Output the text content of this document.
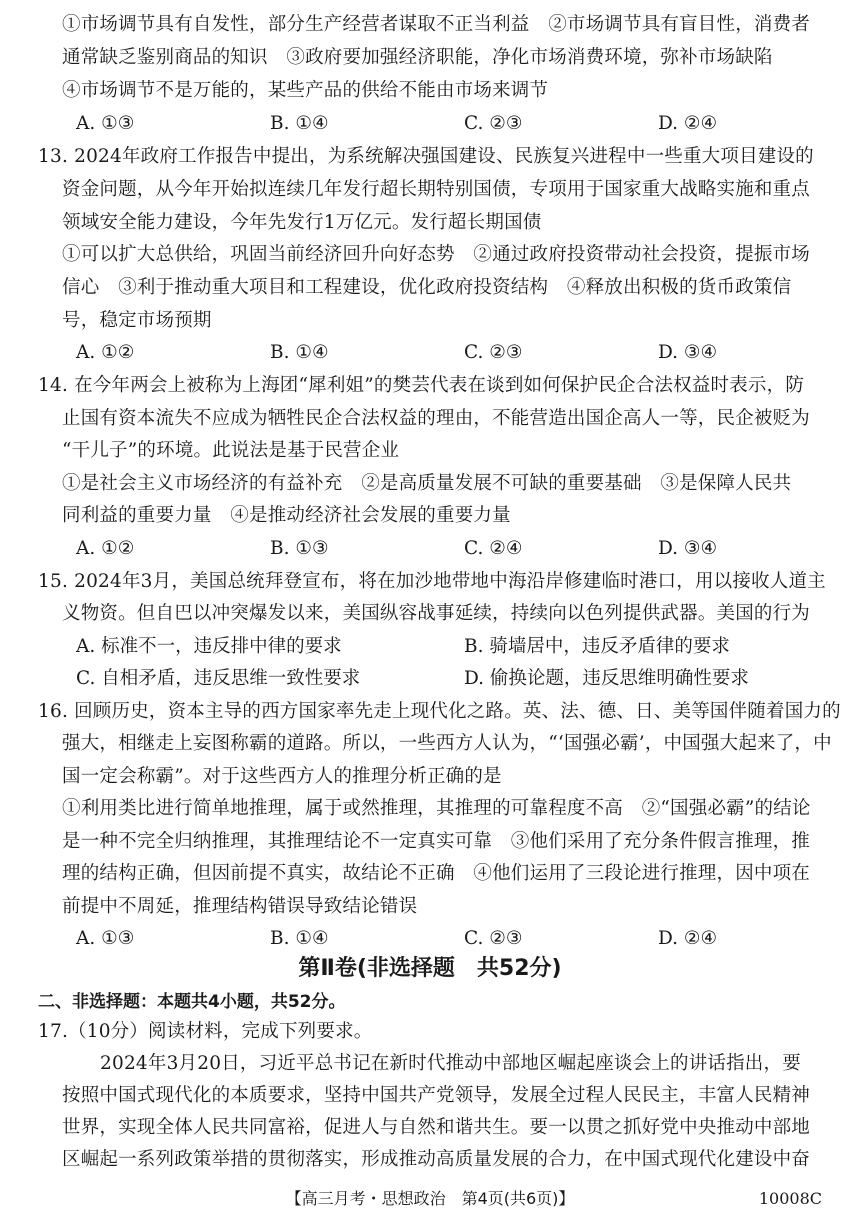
①市场调节具有自发性，部分生产经营者谋取不正当利益　②市场调节具有盲目性，消费者
通常缺乏鉴别商品的知识　③政府要加强经济职能，净化市场消费环境，弥补市场缺陷
④市场调节不是万能的，某些产品的供给不能由市场来调节
A. ①③	B. ①④	C. ②③	D. ②④
13. 2024年政府工作报告中提出，为系统解决强国建设、民族复兴进程中一些重大项目建设的
资金问题，从今年开始拟连续几年发行超长期特别国债，专项用于国家重大战略实施和重点
领域安全能力建设，今年先发行1万亿元。发行超长期国债
①可以扩大总供给，巩固当前经济回升向好态势　②通过政府投资带动社会投资，提振市场
信心　③利于推动重大项目和工程建设，优化政府投资结构　④释放出积极的货币政策信
号，稳定市场预期
A. ①②	B. ①④	C. ②③	D. ③④
14. 在今年两会上被称为上海团“犀利姐”的樊芸代表在谈到如何保护民企合法权益时表示，防
止国有资本流失不应成为牺牲民企合法权益的理由，不能营造出国企高人一等，民企被贬为
“干儿子”的环境。此说法是基于民营企业
①是社会主义市场经济的有益补充　②是高质量发展不可缺的重要基础　③是保障人民共
同利益的重要力量　④是推动经济社会发展的重要力量
A. ①②	B. ①③	C. ②④	D. ③④
15. 2024年3月，美国总统拜登宣布，将在加沙地带地中海沿岸修建临时港口，用以接收人道主
义物资。但自巴以冲突爆发以来，美国纵容战事延续，持续向以色列提供武器。美国的行为
A. 标准不一，违反排中律的要求	B. 骑墙居中，违反矛盾律的要求
C. 自相矛盾，违反思维一致性要求	D. 偷换论题，违反思维明确性要求
16. 回顾历史，资本主导的西方国家率先走上现代化之路。英、法、德、日、美等国伴随着国力的
强大，相继走上妄图称霸的道路。所以，一些西方人认为，“‘国强必霸’，中国强大起来了，中
国一定会称霸”。对于这些西方人的推理分析正确的是
①利用类比进行简单地推理，属于或然推理，其推理的可靠程度不高　②“国强必霸”的结论
是一种不完全归纳推理，其推理结论不一定真实可靠　③他们采用了充分条件假言推理，推
理的结构正确，但因前提不真实，故结论不正确　④他们运用了三段论进行推理，因中项在
前提中不周延，推理结构错误导致结论错误
A. ①③	B. ①④	C. ②③	D. ②④
第Ⅱ卷(非选择题　共52分)
二、非选择题：本题共4小题，共52分。
17.（10分）阅读材料，完成下列要求。
2024年3月20日，习近平总书记在新时代推动中部地区崛起座谈会上的讲话指出，要
按照中国式现代化的本质要求，坚持中国共产党领导，发展全过程人民民主，丰富人民精神
世界，实现全体人民共同富裕，促进人与自然和谐共生。要一以贯之抓好党中央推动中部地
区崛起一系列政策举措的贯彻落实，形成推动高质量发展的合力，在中国式现代化建设中奋
【高三月考・思想政治　第4页(共6页)】	10008C
